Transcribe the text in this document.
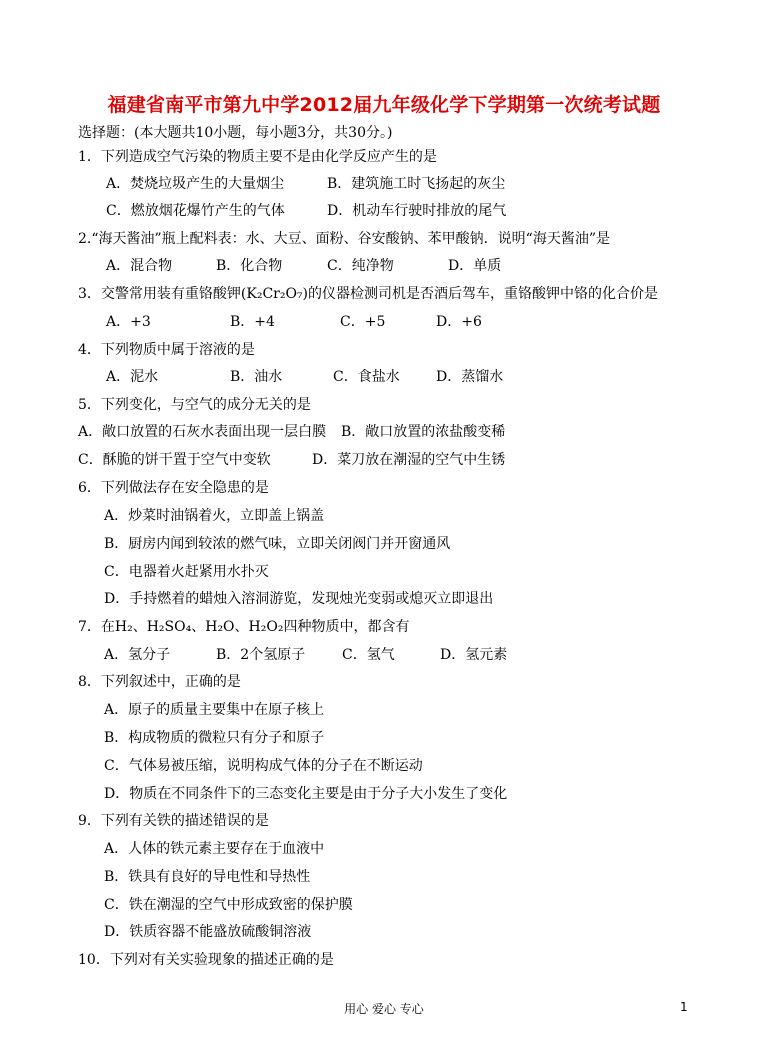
福建省南平市第九中学2012届九年级化学下学期第一次统考试题
选择题：(本大题共10小题，每小题3分，共30分。)
1．下列造成空气污染的物质主要不是由化学反应产生的是
A．焚烧垃圾产生的大量烟尘	B．建筑施工时飞扬起的灰尘
C．燃放烟花爆竹产生的气体	D．机动车行驶时排放的尾气
2.“海天酱油”瓶上配料表：水、大豆、面粉、谷安酸钠、苯甲酸钠．说明“海天酱油”是
A．混合物	B．化合物	C．纯净物	D．单质
3．交警常用装有重铬酸钾(K₂Cr₂O₇)的仪器检测司机是否酒后驾车，重铬酸钾中铬的化合价是
A．+3	B．+4	C．+5	D．+6
4．下列物质中属于溶液的是
A．泥水	B．油水	C．食盐水	D．蒸馏水
5．下列变化，与空气的成分无关的是
A．敞口放置的石灰水表面出现一层白膜 B．敞口放置的浓盐酸变稀
C．酥脆的饼干置于空气中变软	D．菜刀放在潮湿的空气中生锈
6．下列做法存在安全隐患的是
A．炒菜时油锅着火，立即盖上锅盖
B．厨房内闻到较浓的燃气味，立即关闭阀门并开窗通风
C．电器着火赶紧用水扑灭
D．手持燃着的蜡烛入溶洞游览，发现烛光变弱或熄灭立即退出
7．在H₂、H₂SO₄、H₂O、H₂O₂四种物质中，都含有
A．氢分子	B．2个氢原子	C．氢气	D．氢元素
8．下列叙述中，正确的是
A．原子的质量主要集中在原子核上
B．构成物质的微粒只有分子和原子
C．气体易被压缩，说明构成气体的分子在不断运动
D．物质在不同条件下的三态变化主要是由于分子大小发生了变化
9．下列有关铁的描述错误的是
A．人体的铁元素主要存在于血液中
B．铁具有良好的导电性和导热性
C．铁在潮湿的空气中形成致密的保护膜
D．铁质容器不能盛放硫酸铜溶液
10．下列对有关实验现象的描述正确的是
用心 爱心 专心	1
